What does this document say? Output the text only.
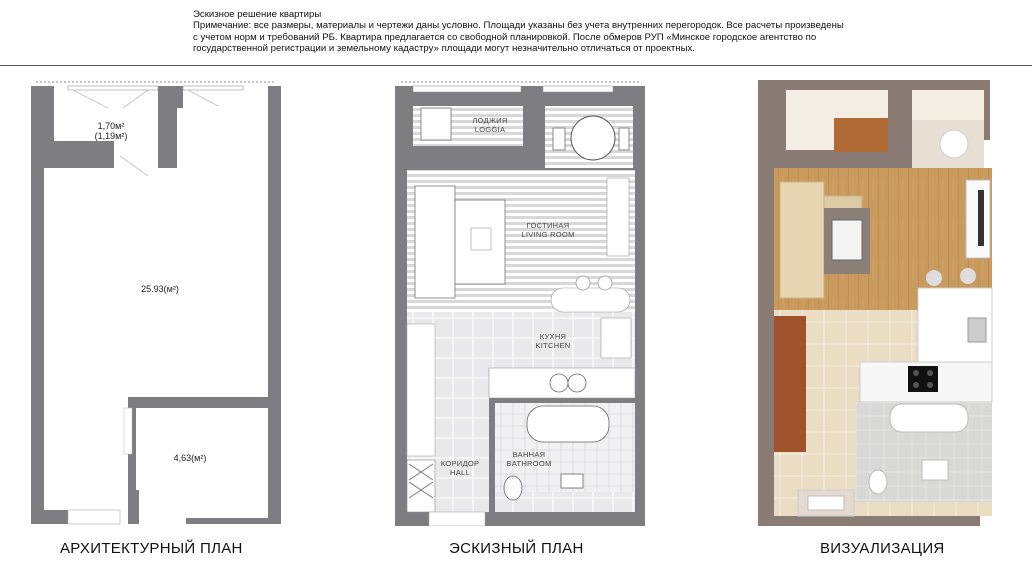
Эскизное решение квартиры
Примечание: все размеры, материалы и чертежи даны условно. Площади указаны без учета внутренних перегородок. Все расчеты произведены
с учетом норм и требований РБ. Квартира предлагается со свободной планировкой. После обмеров РУП «Минское городское агентство по
государственной регистрации и земельному кадастру» площади могут незначительно отличаться от проектных.
1,70м²
(1,19м²)
25.93(м²)
4,63(м²)
ЛОДЖИЯ
LOGGIA
ГОСТИНАЯ
LIVING ROOM
КУХНЯ
KITCHEN
ВАННАЯ
BATHROOM
КОРИДОР
HALL
АРХИТЕКТУРНЫЙ ПЛАН	ЭСКИЗНЫЙ ПЛАН	ВИЗУАЛИЗАЦИЯ
